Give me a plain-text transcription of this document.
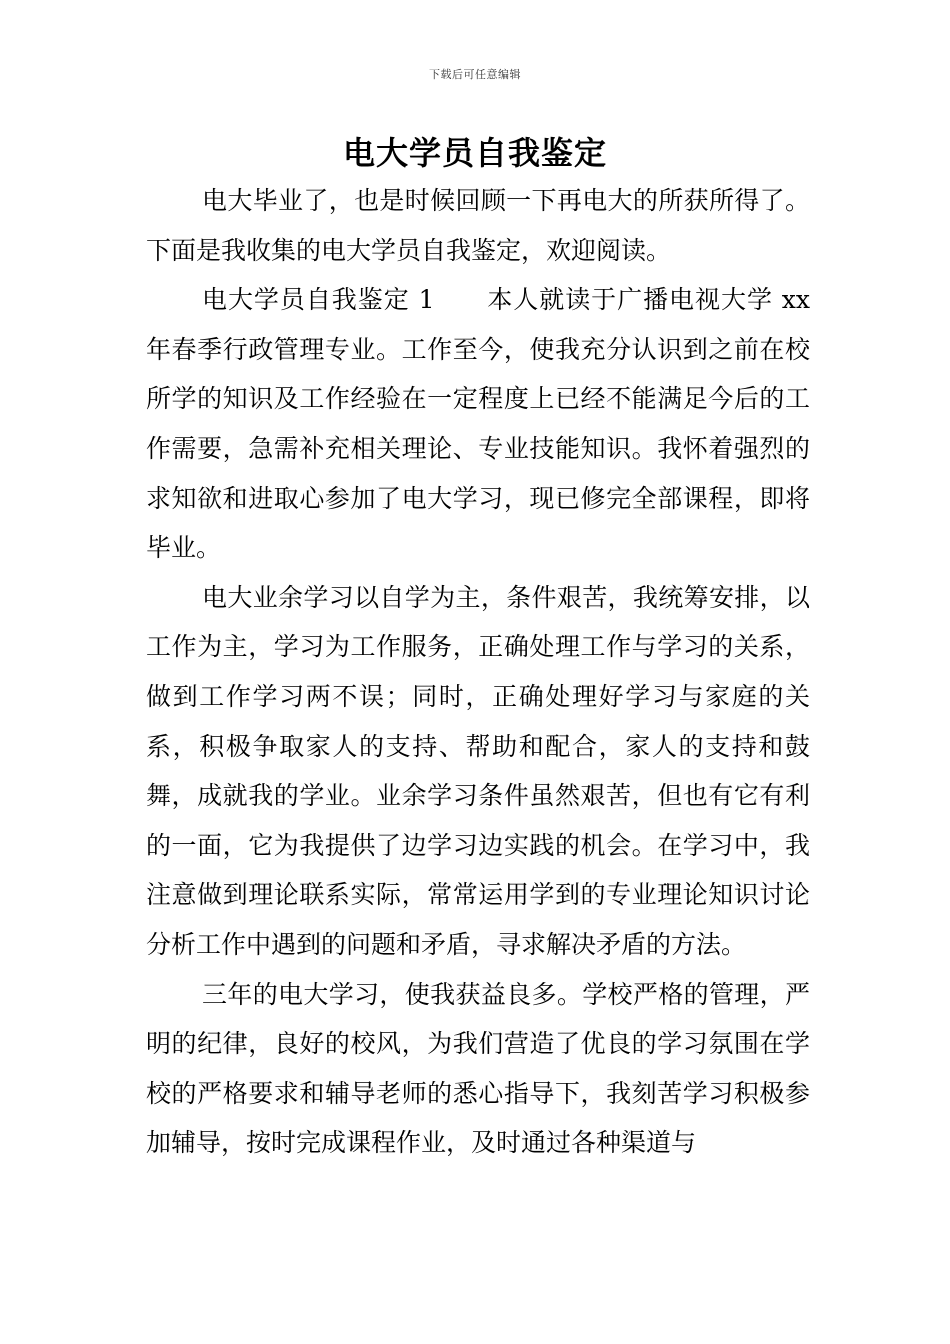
下载后可任意编辑
电大学员自我鉴定

电大毕业了，也是时候回顾一下再电大的所获所得了。下面是我收集的电大学员自我鉴定，欢迎阅读。

电大学员自我鉴定 1　　本人就读于广播电视大学 xx 年春季行政管理专业。工作至今，使我充分认识到之前在校所学的知识及工作经验在一定程度上已经不能满足今后的工作需要，急需补充相关理论、专业技能知识。我怀着强烈的求知欲和进取心参加了电大学习，现已修完全部课程，即将毕业。

电大业余学习以自学为主，条件艰苦，我统筹安排，以工作为主，学习为工作服务，正确处理工作与学习的关系，做到工作学习两不误；同时，正确处理好学习与家庭的关系，积极争取家人的支持、帮助和配合，家人的支持和鼓舞，成就我的学业。业余学习条件虽然艰苦，但也有它有利的一面，它为我提供了边学习边实践的机会。在学习中，我注意做到理论联系实际，常常运用学到的专业理论知识讨论分析工作中遇到的问题和矛盾，寻求解决矛盾的方法。

三年的电大学习，使我获益良多。学校严格的管理，严明的纪律，良好的校风，为我们营造了优良的学习氛围在学校的严格要求和辅导老师的悉心指导下，我刻苦学习积极参加辅导，按时完成课程作业，及时通过各种渠道与
